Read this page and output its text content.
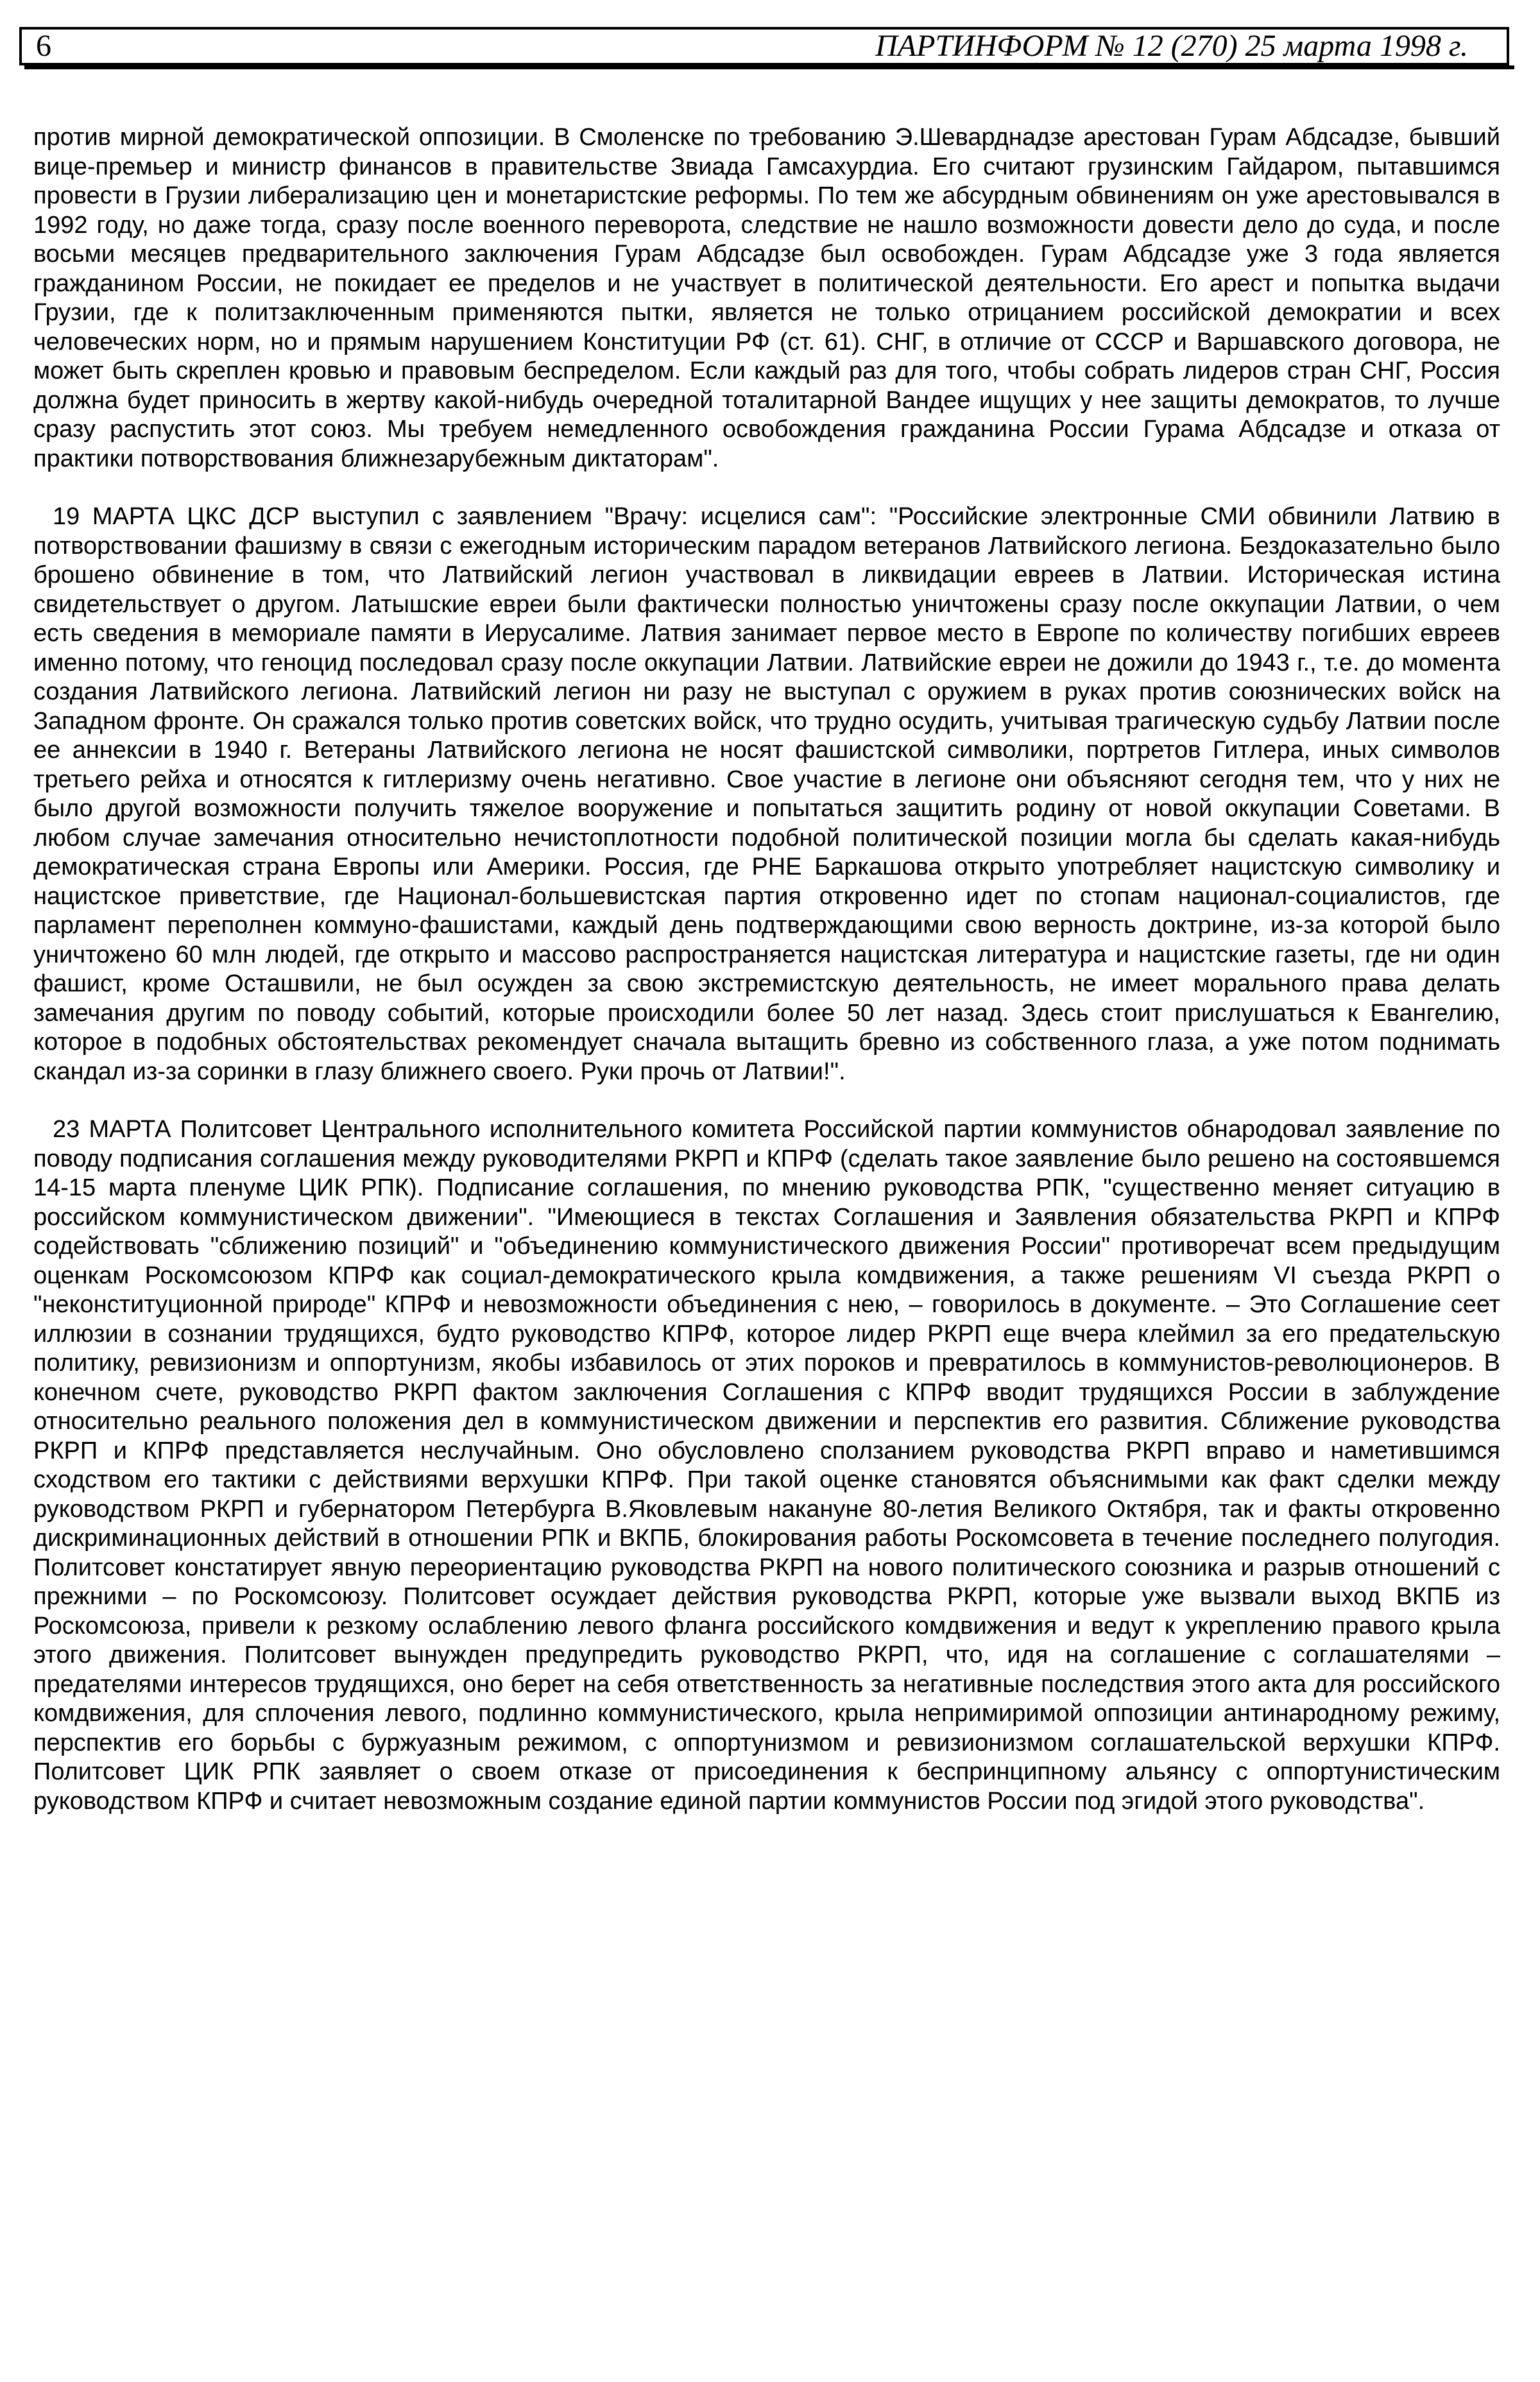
6	ПАРТИНФОРМ № 12 (270) 25 марта 1998 г.

против мирной демократической оппозиции. В Смоленске по требованию Э.Шеварднадзе арестован Гурам Абдсадзе, бывший вице-премьер и министр финансов в правительстве Звиада Гамсахурдиа. Его считают грузинским Гайдаром, пытавшимся провести в Грузии либерализацию цен и монетаристские реформы. По тем же абсурдным обвинениям он уже арестовывался в 1992 году, но даже тогда, сразу после военного переворота, следствие не нашло возможности довести дело до суда, и после восьми месяцев предварительного заключения Гурам Абдсадзе был освобожден. Гурам Абдсадзе уже 3 года является гражданином России, не покидает ее пределов и не участвует в политической деятельности. Его арест и попытка выдачи Грузии, где к политзаключенным применяются пытки, является не только отрицанием российской демократии и всех человеческих норм, но и прямым нарушением Конституции РФ (ст. 61). СНГ, в отличие от СССР и Варшавского договора, не может быть скреплен кровью и правовым беспределом. Если каждый раз для того, чтобы собрать лидеров стран СНГ, Россия должна будет приносить в жертву какой-нибудь очередной тоталитарной Вандее ищущих у нее защиты демократов, то лучше сразу распустить этот союз. Мы требуем немедленного освобождения гражданина России Гурама Абдсадзе и отказа от практики потворствования ближнезарубежным диктаторам".

19 МАРТА ЦКС ДСР выступил с заявлением "Врачу: исцелися сам": "Российские электронные СМИ обвинили Латвию в потворствовании фашизму в связи с ежегодным историческим парадом ветеранов Латвийского легиона. Бездоказательно было брошено обвинение в том, что Латвийский легион участвовал в ликвидации евреев в Латвии. Историческая истина свидетельствует о другом. Латышские евреи были фактически полностью уничтожены сразу после оккупации Латвии, о чем есть сведения в мемориале памяти в Иерусалиме. Латвия занимает первое место в Европе по количеству погибших евреев именно потому, что геноцид последовал сразу после оккупации Латвии. Латвийские евреи не дожили до 1943 г., т.е. до момента создания Латвийского легиона. Латвийский легион ни разу не выступал с оружием в руках против союзнических войск на Западном фронте. Он сражался только против советских войск, что трудно осудить, учитывая трагическую судьбу Латвии после ее аннексии в 1940 г. Ветераны Латвийского легиона не носят фашистской символики, портретов Гитлера, иных символов третьего рейха и относятся к гитлеризму очень негативно. Свое участие в легионе они объясняют сегодня тем, что у них не было другой возможности получить тяжелое вооружение и попытаться защитить родину от новой оккупации Советами. В любом случае замечания относительно нечистоплотности подобной политической позиции могла бы сделать какая-нибудь демократическая страна Европы или Америки. Россия, где РНЕ Баркашова открыто употребляет нацистскую символику и нацистское приветствие, где Национал-большевистская партия откровенно идет по стопам национал-социалистов, где парламент переполнен коммуно-фашистами, каждый день подтверждающими свою верность доктрине, из-за которой было уничтожено 60 млн людей, где открыто и массово распространяется нацистская литература и нацистские газеты, где ни один фашист, кроме Осташвили, не был осужден за свою экстремистскую деятельность, не имеет морального права делать замечания другим по поводу событий, которые происходили более 50 лет назад. Здесь стоит прислушаться к Евангелию, которое в подобных обстоятельствах рекомендует сначала вытащить бревно из собственного глаза, а уже потом поднимать скандал из-за соринки в глазу ближнего своего. Руки прочь от Латвии!".

23 МАРТА Политсовет Центрального исполнительного комитета Российской партии коммунистов обнародовал заявление по поводу подписания соглашения между руководителями РКРП и КПРФ (сделать такое заявление было решено на состоявшемся 14-15 марта пленуме ЦИК РПК). Подписание соглашения, по мнению руководства РПК, "существенно меняет ситуацию в российском коммунистическом движении". "Имеющиеся в текстах Соглашения и Заявления обязательства РКРП и КПРФ содействовать "сближению позиций" и "объединению коммунистического движения России" противоречат всем предыдущим оценкам Роскомсоюзом КПРФ как социал-демократического крыла комдвижения, а также решениям VI съезда РКРП о "неконституционной природе" КПРФ и невозможности объединения с нею, – говорилось в документе. – Это Соглашение сеет иллюзии в сознании трудящихся, будто руководство КПРФ, которое лидер РКРП еще вчера клеймил за его предательскую политику, ревизионизм и оппортунизм, якобы избавилось от этих пороков и превратилось в коммунистов-революционеров. В конечном счете, руководство РКРП фактом заключения Соглашения с КПРФ вводит трудящихся России в заблуждение относительно реального положения дел в коммунистическом движении и перспектив его развития. Сближение руководства РКРП и КПРФ представляется неслучайным. Оно обусловлено сползанием руководства РКРП вправо и наметившимся сходством его тактики с действиями верхушки КПРФ. При такой оценке становятся объяснимыми как факт сделки между руководством РКРП и губернатором Петербурга В.Яковлевым накануне 80-летия Великого Октября, так и факты откровенно дискриминационных действий в отношении РПК и ВКПБ, блокирования работы Роскомсовета в течение последнего полугодия. Политсовет констатирует явную переориентацию руководства РКРП на нового политического союзника и разрыв отношений с прежними – по Роскомсоюзу. Политсовет осуждает действия руководства РКРП, которые уже вызвали выход ВКПБ из Роскомсоюза, привели к резкому ослаблению левого фланга российского комдвижения и ведут к укреплению правого крыла этого движения. Политсовет вынужден предупредить руководство РКРП, что, идя на соглашение с соглашателями – предателями интересов трудящихся, оно берет на себя ответственность за негативные последствия этого акта для российского комдвижения, для сплочения левого, подлинно коммунистического, крыла непримиримой оппозиции антинародному режиму, перспектив его борьбы с буржуазным режимом, с оппортунизмом и ревизионизмом соглашательской верхушки КПРФ. Политсовет ЦИК РПК заявляет о своем отказе от присоединения к беспринципному альянсу с оппортунистическим руководством КПРФ и считает невозможным создание единой партии коммунистов России под эгидой этого руководства".
